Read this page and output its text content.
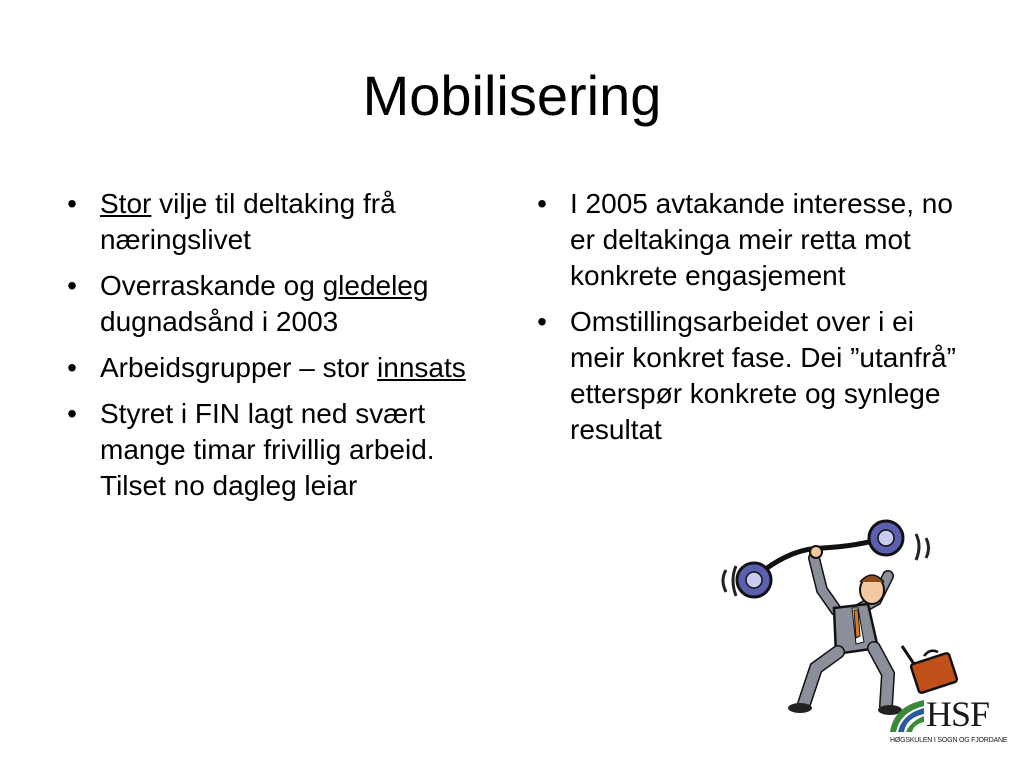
Mobilisering
• Stor vilje til deltaking frå næringslivet
• Overraskande og gledeleg dugnadsånd i 2003
• Arbeidsgrupper – stor innsats
• Styret i FIN lagt ned svært mange timar frivillig arbeid. Tilset no dagleg leiar
• I 2005 avtakande interesse, no er deltakinga meir retta mot konkrete engasjement
• Omstillingsarbeidet over i ei meir konkret fase. Dei ”utanfrå” etterspør konkrete og synlege resultat
HSF
HØGSKULEN I SOGN OG FJORDANE
